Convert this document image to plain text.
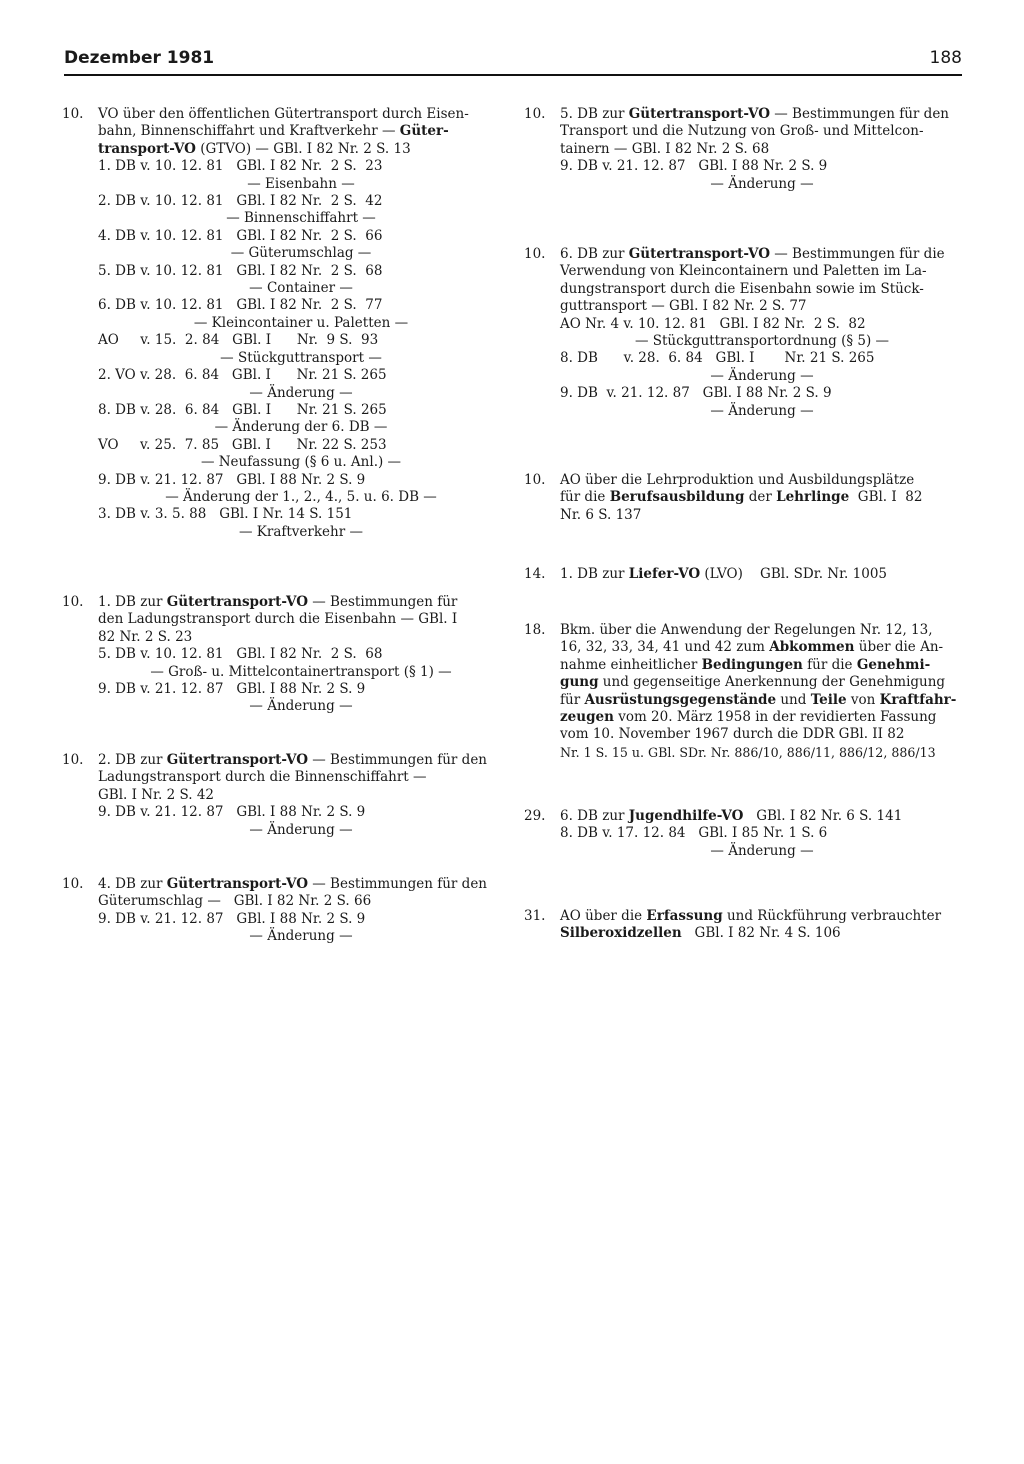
Dezember 1981	188
10.	VO über den öffentlichen Gütertransport durch Eisen-
bahn, Binnenschiffahrt und Kraftverkehr — Güter-
transport-VO (GTVO) — GBl. I 82 Nr. 2 S. 13
1. DB v. 10. 12. 81   GBl. I 82 Nr.  2 S.  23
— Eisenbahn —
2. DB v. 10. 12. 81   GBl. I 82 Nr.  2 S.  42
— Binnenschiffahrt —
4. DB v. 10. 12. 81   GBl. I 82 Nr.  2 S.  66
— Güterumschlag —
5. DB v. 10. 12. 81   GBl. I 82 Nr.  2 S.  68
— Container —
6. DB v. 10. 12. 81   GBl. I 82 Nr.  2 S.  77
— Kleincontainer u. Paletten —
AO     v. 15.  2. 84   GBl. I      Nr.  9 S.  93
— Stückguttransport —
2. VO v. 28.  6. 84   GBl. I      Nr. 21 S. 265
— Änderung —
8. DB v. 28.  6. 84   GBl. I      Nr. 21 S. 265
— Änderung der 6. DB —
VO     v. 25.  7. 85   GBl. I      Nr. 22 S. 253
— Neufassung (§ 6 u. Anl.) —
9. DB v. 21. 12. 87   GBl. I 88 Nr. 2 S. 9
— Änderung der 1., 2., 4., 5. u. 6. DB —
3. DB v. 3. 5. 88   GBl. I Nr. 14 S. 151
— Kraftverkehr —
10.	1. DB zur Gütertransport-VO — Bestimmungen für
den Ladungstransport durch die Eisenbahn — GBl. I
82 Nr. 2 S. 23
5. DB v. 10. 12. 81   GBl. I 82 Nr.  2 S.  68
— Groß- u. Mittelcontainertransport (§ 1) —
9. DB v. 21. 12. 87   GBl. I 88 Nr. 2 S. 9
— Änderung —
10.	2. DB zur Gütertransport-VO — Bestimmungen für den
Ladungstransport durch die Binnenschiffahrt —
GBl. I Nr. 2 S. 42
9. DB v. 21. 12. 87   GBl. I 88 Nr. 2 S. 9
— Änderung —
10.	4. DB zur Gütertransport-VO — Bestimmungen für den
Güterumschlag —   GBl. I 82 Nr. 2 S. 66
9. DB v. 21. 12. 87   GBl. I 88 Nr. 2 S. 9
— Änderung —
10.	5. DB zur Gütertransport-VO — Bestimmungen für den
Transport und die Nutzung von Groß- und Mittelcon-
tainern — GBl. I 82 Nr. 2 S. 68
9. DB v. 21. 12. 87   GBl. I 88 Nr. 2 S. 9
— Änderung —
10.	6. DB zur Gütertransport-VO — Bestimmungen für die
Verwendung von Kleincontainern und Paletten im La-
dungstransport durch die Eisenbahn sowie im Stück-
guttransport — GBl. I 82 Nr. 2 S. 77
AO Nr. 4 v. 10. 12. 81   GBl. I 82 Nr.  2 S.  82
— Stückguttransportordnung (§ 5) —
8. DB      v. 28.  6. 84   GBl. I       Nr. 21 S. 265
— Änderung —
9. DB  v. 21. 12. 87   GBl. I 88 Nr. 2 S. 9
— Änderung —
10.	AO über die Lehrproduktion und Ausbildungsplätze
für die Berufsausbildung der Lehrlinge  GBl. I  82
Nr. 6 S. 137
14.	1. DB zur Liefer-VO (LVO)    GBl. SDr. Nr. 1005
18.	Bkm. über die Anwendung der Regelungen Nr. 12, 13,
16, 32, 33, 34, 41 und 42 zum Abkommen über die An-
nahme einheitlicher Bedingungen für die Genehmi-
gung und gegenseitige Anerkennung der Genehmigung
für Ausrüstungsgegenstände und Teile von Kraftfahr-
zeugen vom 20. März 1958 in der revidierten Fassung
vom 10. November 1967 durch die DDR GBl. II 82
Nr. 1 S. 15 u. GBl. SDr. Nr. 886/10, 886/11, 886/12, 886/13
29.	6. DB zur Jugendhilfe-VO   GBl. I 82 Nr. 6 S. 141
8. DB v. 17. 12. 84   GBl. I 85 Nr. 1 S. 6
— Änderung —
31.	AO über die Erfassung und Rückführung verbrauchter
Silberoxidzellen   GBl. I 82 Nr. 4 S. 106
